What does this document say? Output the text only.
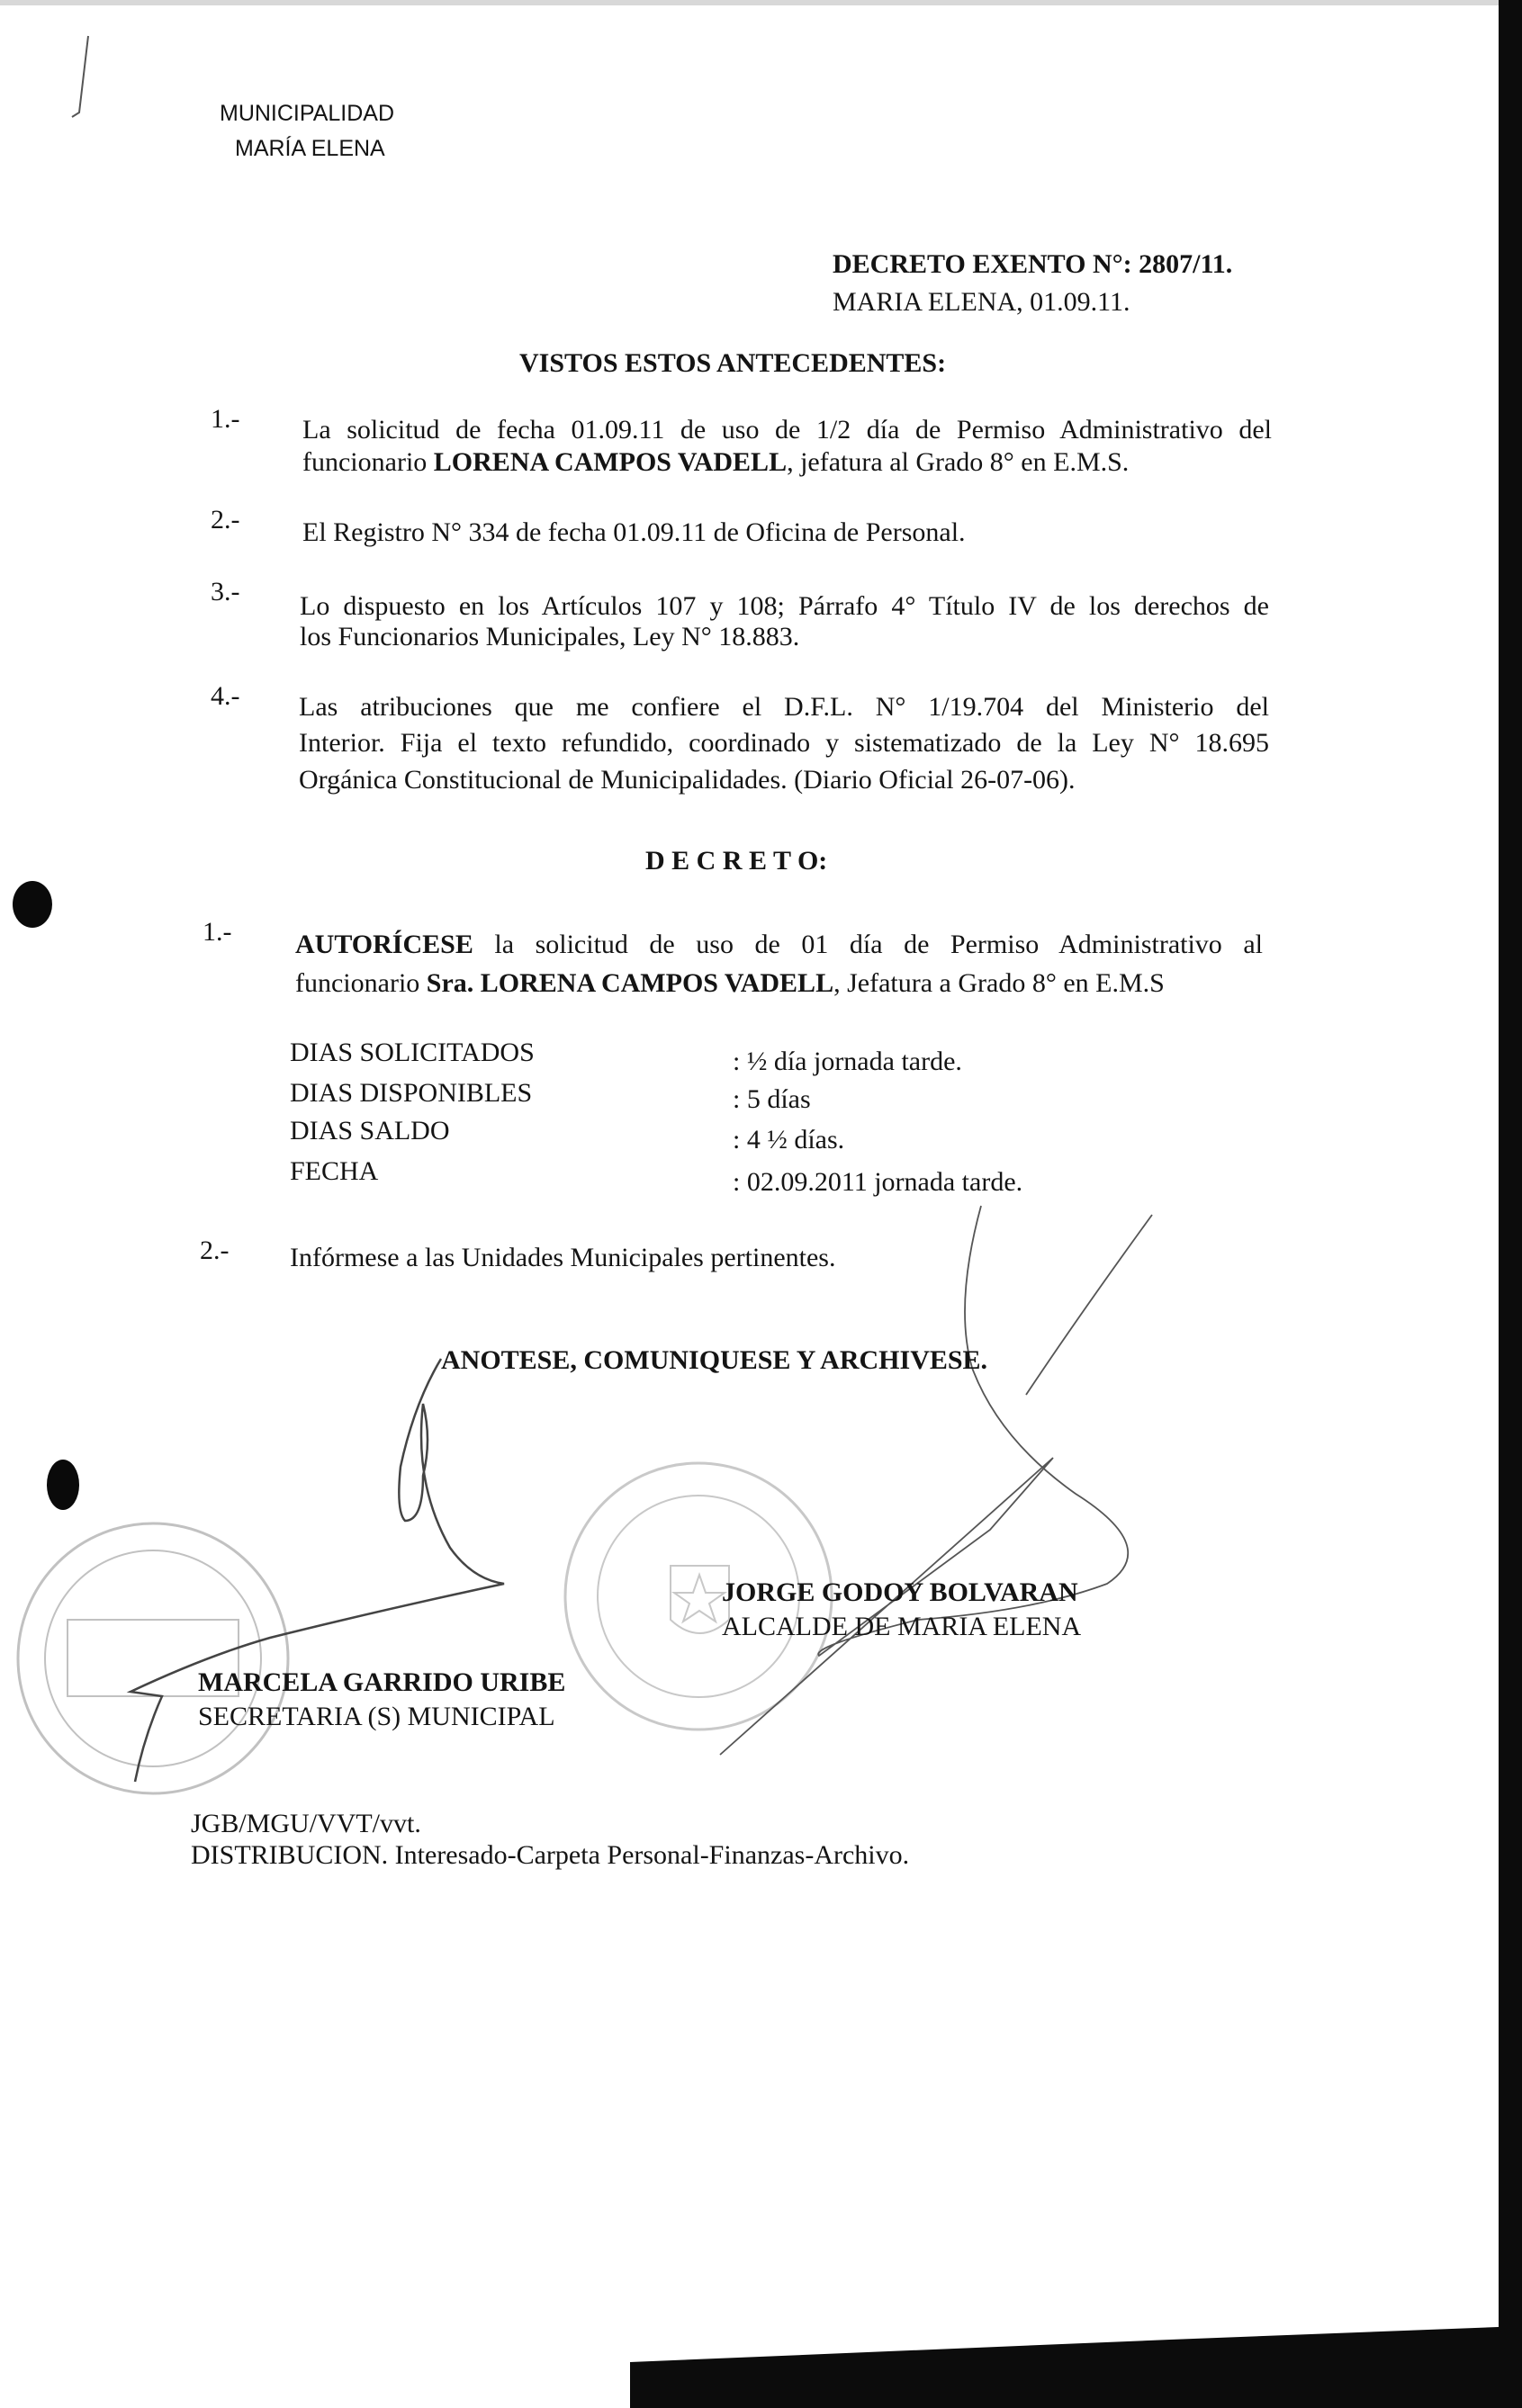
MUNICIPALIDAD
MARÍA ELENA
DECRETO EXENTO N°: 2807/11.
MARIA ELENA, 01.09.11.
VISTOS ESTOS ANTECEDENTES:
1.- La solicitud de fecha 01.09.11 de uso de 1/2 día de Permiso Administrativo del
funcionario LORENA CAMPOS VADELL, jefatura al Grado 8° en E.M.S.
2.- El Registro N° 334 de fecha 01.09.11 de Oficina de Personal.
3.- Lo dispuesto en los Artículos 107 y 108; Párrafo 4° Título IV de los derechos de
los Funcionarios Municipales, Ley N° 18.883.
4.- Las atribuciones que me confiere el D.F.L. N° 1/19.704 del Ministerio del
Interior. Fija el texto refundido, coordinado y sistematizado de la Ley N° 18.695
Orgánica Constitucional de Municipalidades. (Diario Oficial 26-07-06).
D E C R E T O:
1.- AUTORÍCESE la solicitud de uso de 01 día de Permiso Administrativo al
funcionario Sra. LORENA CAMPOS VADELL, Jefatura a Grado 8° en E.M.S
DIAS SOLICITADOS	: ½ día jornada tarde.
DIAS DISPONIBLES	: 5 días
DIAS SALDO	: 4 ½ días.
FECHA	: 02.09.2011 jornada tarde.
2.- Infórmese a las Unidades Municipales pertinentes.
ANOTESE, COMUNIQUESE Y ARCHIVESE.
JORGE GODOY BOLVARAN
ALCALDE DE MARIA ELENA
MARCELA GARRIDO URIBE
SECRETARIA (S) MUNICIPAL
JGB/MGU/VVT/vvt.
DISTRIBUCION. Interesado-Carpeta Personal-Finanzas-Archivo.
